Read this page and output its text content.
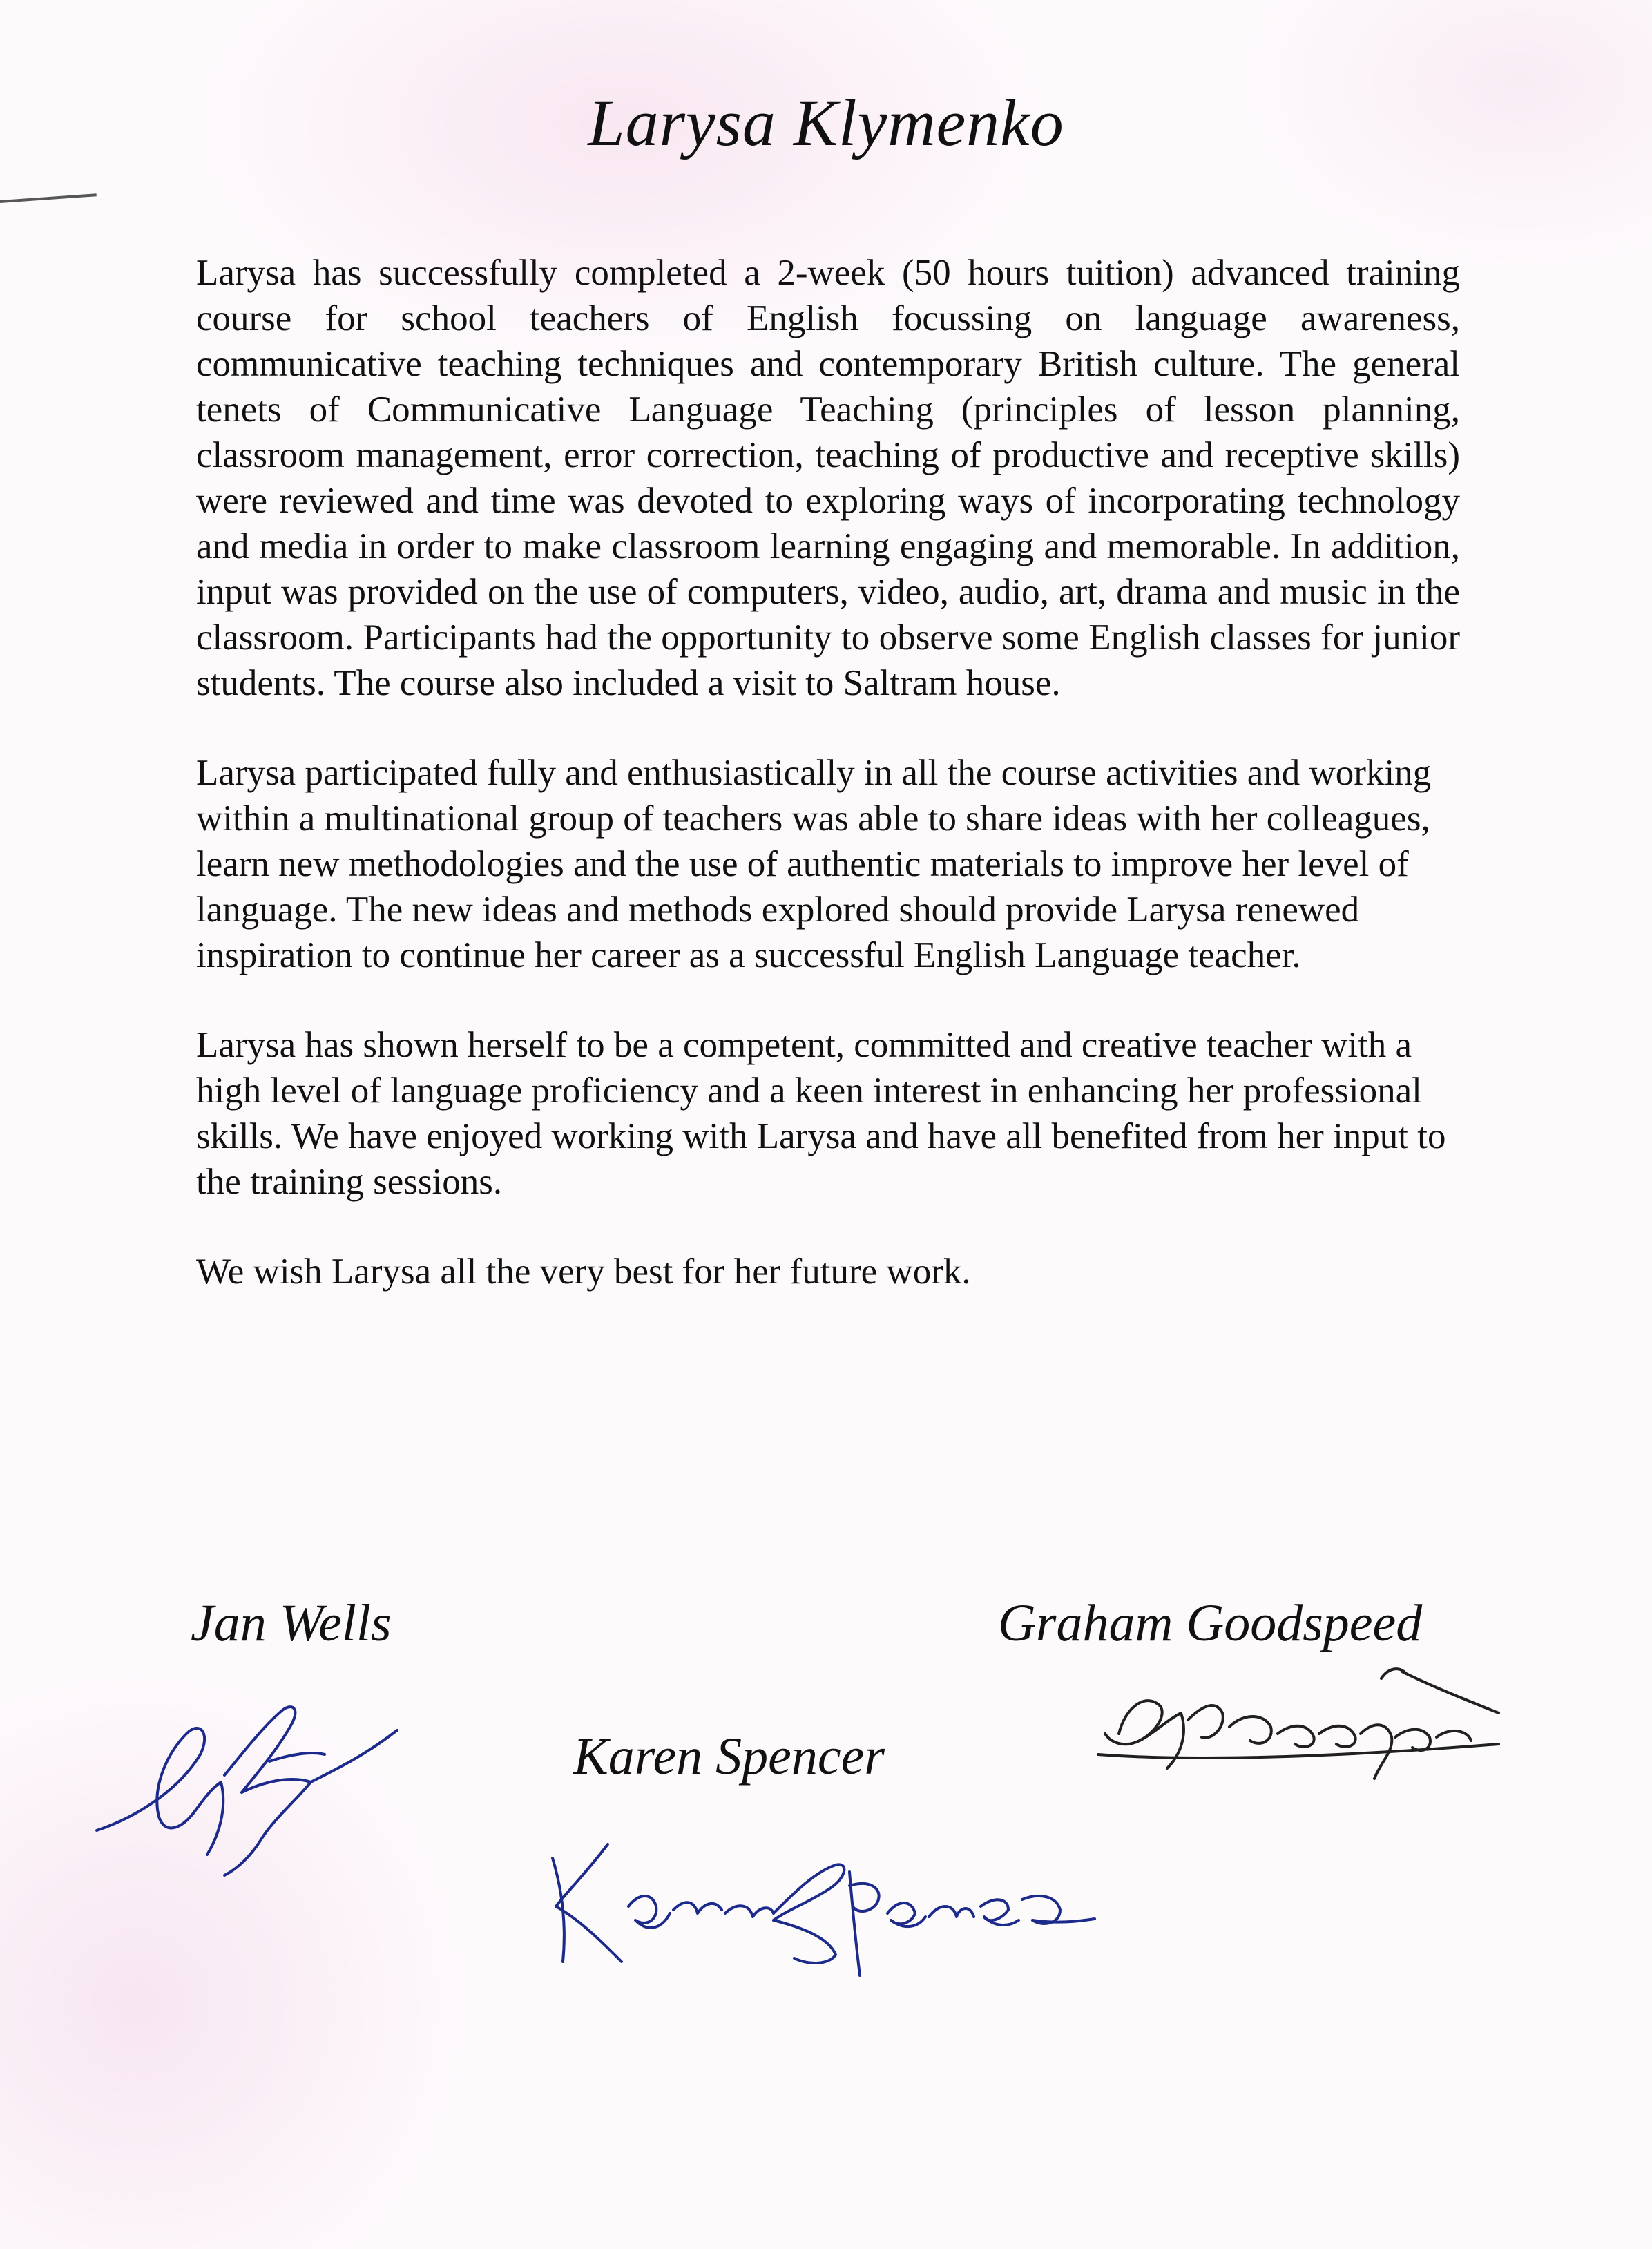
Larysa Klymenko

Larysa has successfully completed a 2-week (50 hours tuition) advanced training course for school teachers of English focussing on language awareness, communicative teaching techniques and contemporary British culture. The general tenets of Communicative Language Teaching (principles of lesson planning, classroom management, error correction, teaching of productive and receptive skills) were reviewed and time was devoted to exploring ways of incorporating technology and media in order to make classroom learning engaging and memorable. In addition, input was provided on the use of computers, video, audio, art, drama and music in the classroom. Participants had the opportunity to observe some English classes for junior students. The course also included a visit to Saltram house.

Larysa participated fully and enthusiastically in all the course activities and working within a multinational group of teachers was able to share ideas with her colleagues, learn new methodologies and the use of authentic materials to improve her level of language. The new ideas and methods explored should provide Larysa renewed inspiration to continue her career as a successful English Language teacher.

Larysa has shown herself to be a competent, committed and creative teacher with a high level of language proficiency and a keen interest in enhancing her professional skills. We have enjoyed working with Larysa and have all benefited from her input to the training sessions.

We wish Larysa all the very best for her future work.

Jan Wells	Graham Goodspeed

Karen Spencer
